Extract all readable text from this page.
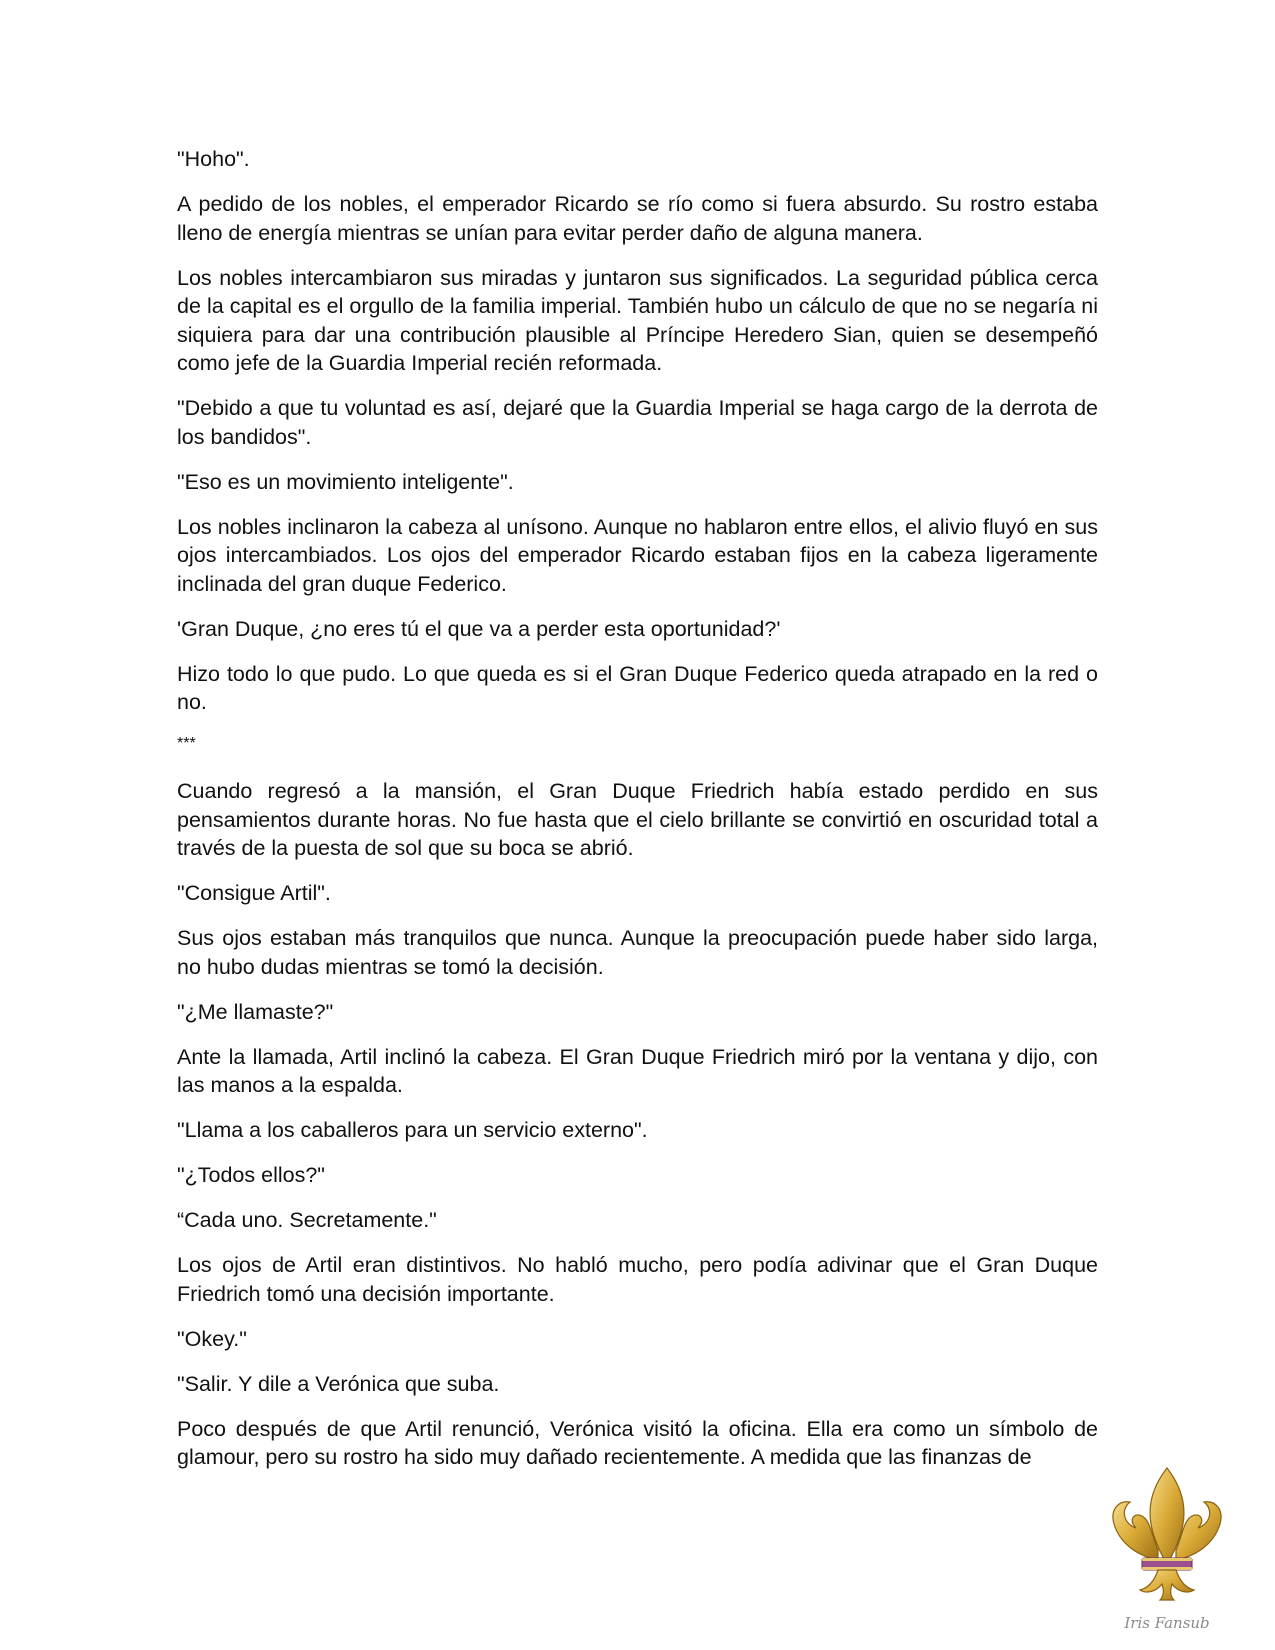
"Hoho".

A pedido de los nobles, el emperador Ricardo se río como si fuera absurdo. Su rostro estaba lleno de energía mientras se unían para evitar perder daño de alguna manera.

Los nobles intercambiaron sus miradas y juntaron sus significados. La seguridad pública cerca de la capital es el orgullo de la familia imperial. También hubo un cálculo de que no se negaría ni siquiera para dar una contribución plausible al Príncipe Heredero Sian, quien se desempeñó como jefe de la Guardia Imperial recién reformada.

"Debido a que tu voluntad es así, dejaré que la Guardia Imperial se haga cargo de la derrota de los bandidos".

"Eso es un movimiento inteligente".

Los nobles inclinaron la cabeza al unísono. Aunque no hablaron entre ellos, el alivio fluyó en sus ojos intercambiados. Los ojos del emperador Ricardo estaban fijos en la cabeza ligeramente inclinada del gran duque Federico.

'Gran Duque, ¿no eres tú el que va a perder esta oportunidad?'

Hizo todo lo que pudo. Lo que queda es si el Gran Duque Federico queda atrapado en la red o no.

***

Cuando regresó a la mansión, el Gran Duque Friedrich había estado perdido en sus pensamientos durante horas. No fue hasta que el cielo brillante se convirtió en oscuridad total a través de la puesta de sol que su boca se abrió.

"Consigue Artil".

Sus ojos estaban más tranquilos que nunca. Aunque la preocupación puede haber sido larga, no hubo dudas mientras se tomó la decisión.

"¿Me llamaste?"

Ante la llamada, Artil inclinó la cabeza. El Gran Duque Friedrich miró por la ventana y dijo, con las manos a la espalda.

"Llama a los caballeros para un servicio externo".

"¿Todos ellos?"

“Cada uno. Secretamente."

Los ojos de Artil eran distintivos. No habló mucho, pero podía adivinar que el Gran Duque Friedrich tomó una decisión importante.

"Okey."

"Salir. Y dile a Verónica que suba.

Poco después de que Artil renunció, Verónica visitó la oficina. Ella era como un símbolo de glamour, pero su rostro ha sido muy dañado recientemente. A medida que las finanzas de

Iris Fansub
